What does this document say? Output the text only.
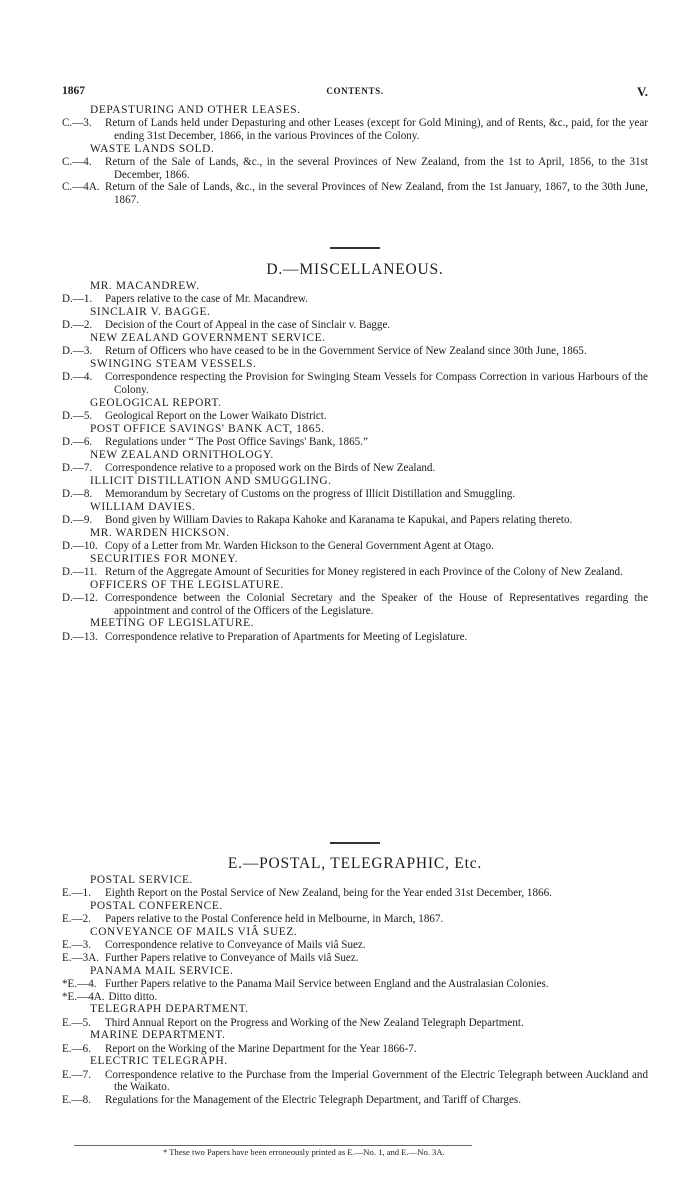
1867	CONTENTS.	V.

DEPASTURING AND OTHER LEASES.

C.—3. Return of Lands held under Depasturing and other Leases (except for Gold Mining), and of Rents, &c., paid, for the year ending 31st December, 1866, in the various Provinces of the Colony.

WASTE LANDS SOLD.

C.—4. Return of the Sale of Lands, &c., in the several Provinces of New Zealand, from the 1st to April, 1856, to the 31st December, 1866.
C.—4A. Return of the Sale of Lands, &c., in the several Provinces of New Zealand, from the 1st January, 1867, to the 30th June, 1867.

D.—MISCELLANEOUS.

MR. MACANDREW.

D.—1. Papers relative to the case of Mr. Macandrew.

SINCLAIR V. BAGGE.

D.—2. Decision of the Court of Appeal in the case of Sinclair v. Bagge.

NEW ZEALAND GOVERNMENT SERVICE.

D.—3. Return of Officers who have ceased to be in the Government Service of New Zealand since 30th June, 1865.

SWINGING STEAM VESSELS.

D.—4. Correspondence respecting the Provision for Swinging Steam Vessels for Compass Correction in various Harbours of the Colony.

GEOLOGICAL REPORT.

D.—5. Geological Report on the Lower Waikato District.

POST OFFICE SAVINGS' BANK ACT, 1865.

D.—6. Regulations under “ The Post Office Savings' Bank, 1865.”

NEW ZEALAND ORNITHOLOGY.

D.—7. Correspondence relative to a proposed work on the Birds of New Zealand.

ILLICIT DISTILLATION AND SMUGGLING.

D.—8. Memorandum by Secretary of Customs on the progress of Illicit Distillation and Smuggling.

WILLIAM DAVIES.

D.—9. Bond given by William Davies to Rakapa Kahoke and Karanama te Kapukai, and Papers relating thereto.

MR. WARDEN HICKSON.

D.—10. Copy of a Letter from Mr. Warden Hickson to the General Government Agent at Otago.

SECURITIES FOR MONEY.

D.—11. Return of the Aggregate Amount of Securities for Money registered in each Province of the Colony of New Zealand.

OFFICERS OF THE LEGISLATURE.

D.—12. Correspondence between the Colonial Secretary and the Speaker of the House of Representatives regarding the appointment and control of the Officers of the Legislature.

MEETING OF LEGISLATURE.

D.—13. Correspondence relative to Preparation of Apartments for Meeting of Legislature.

E.—POSTAL, TELEGRAPHIC, Etc.

POSTAL SERVICE.

E.—1. Eighth Report on the Postal Service of New Zealand, being for the Year ended 31st December, 1866.

POSTAL CONFERENCE.

E.—2. Papers relative to the Postal Conference held in Melbourne, in March, 1867.

CONVEYANCE OF MAILS VIÂ SUEZ.

E.—3. Correspondence relative to Conveyance of Mails viâ Suez.
E.—3A. Further Papers relative to Conveyance of Mails viâ Suez.

PANAMA MAIL SERVICE.

*E.—4. Further Papers relative to the Panama Mail Service between England and the Australasian Colonies.
*E.—4A. Ditto ditto.

TELEGRAPH DEPARTMENT.

E.—5. Third Annual Report on the Progress and Working of the New Zealand Telegraph Department.

MARINE DEPARTMENT.

E.—6. Report on the Working of the Marine Department for the Year 1866-7.

ELECTRIC TELEGRAPH.

E.—7. Correspondence relative to the Purchase from the Imperial Government of the Electric Telegraph between Auckland and the Waikato.
E.—8. Regulations for the Management of the Electric Telegraph Department, and Tariff of Charges.
* These two Papers have been erroneously printed as E.—No. 1, and E.—No. 3A.
